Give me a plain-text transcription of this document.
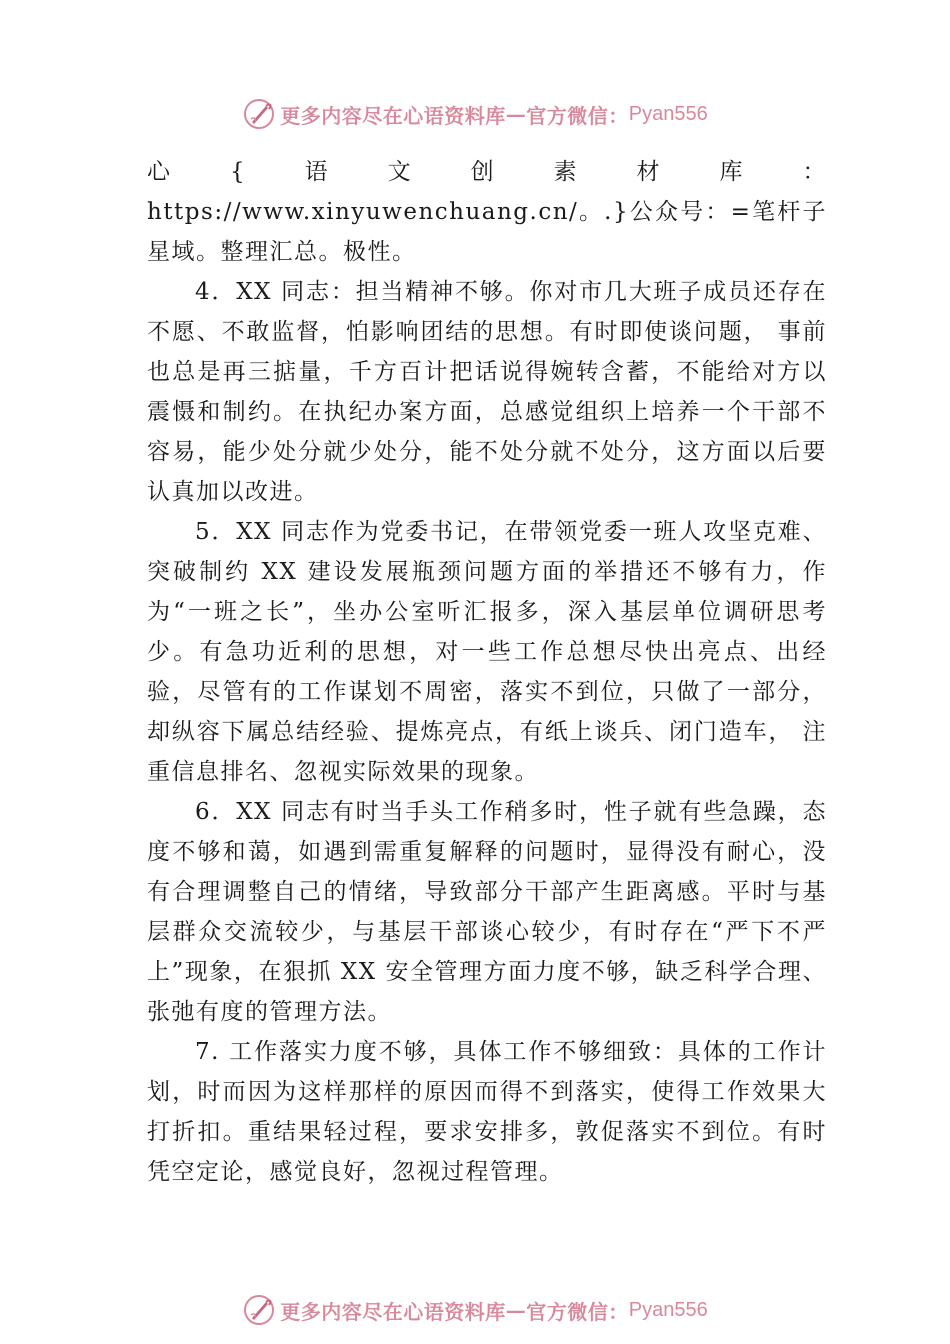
更多内容尽在心语资料库 — 官方微信： Pyan556

心{语文创素材库：https://www.xinyuwenchuang.cn/。.}公众号：=笔杆子星域。整理汇总。极性。

4．XX 同志：担当精神不够。你对市几大班子成员还存在不愿、不敢监督，怕影响团结的思想。有时即使谈问题， 事前也总是再三掂量，千方百计把话说得婉转含蓄，不能给对方以震慑和制约。在执纪办案方面，总感觉组织上培养一个干部不容易，能少处分就少处分，能不处分就不处分，这方面以后要认真加以改进。

5．XX 同志作为党委书记，在带领党委一班人攻坚克难、突破制约 XX 建设发展瓶颈问题方面的举措还不够有力，作为“一班之长”，坐办公室听汇报多，深入基层单位调研思考少。有急功近利的思想，对一些工作总想尽快出亮点、出经验，尽管有的工作谋划不周密，落实不到位，只做了一部分， 却纵容下属总结经验、提炼亮点，有纸上谈兵、闭门造车， 注重信息排名、忽视实际效果的现象。

6．XX 同志有时当手头工作稍多时，性子就有些急躁，态度不够和蔼，如遇到需重复解释的问题时，显得没有耐心，没有合理调整自己的情绪，导致部分干部产生距离感。平时与基层群众交流较少，与基层干部谈心较少，有时存在“严下不严上”现象，在狠抓 XX 安全管理方面力度不够，缺乏科学合理、张弛有度的管理方法。

7. 工作落实力度不够，具体工作不够细致：具体的工作计划，时而因为这样那样的原因而得不到落实，使得工作效果大打折扣。重结果轻过程，要求安排多，敦促落实不到位。有时凭空定论，感觉良好，忽视过程管理。

更多内容尽在心语资料库 — 官方微信： Pyan556
